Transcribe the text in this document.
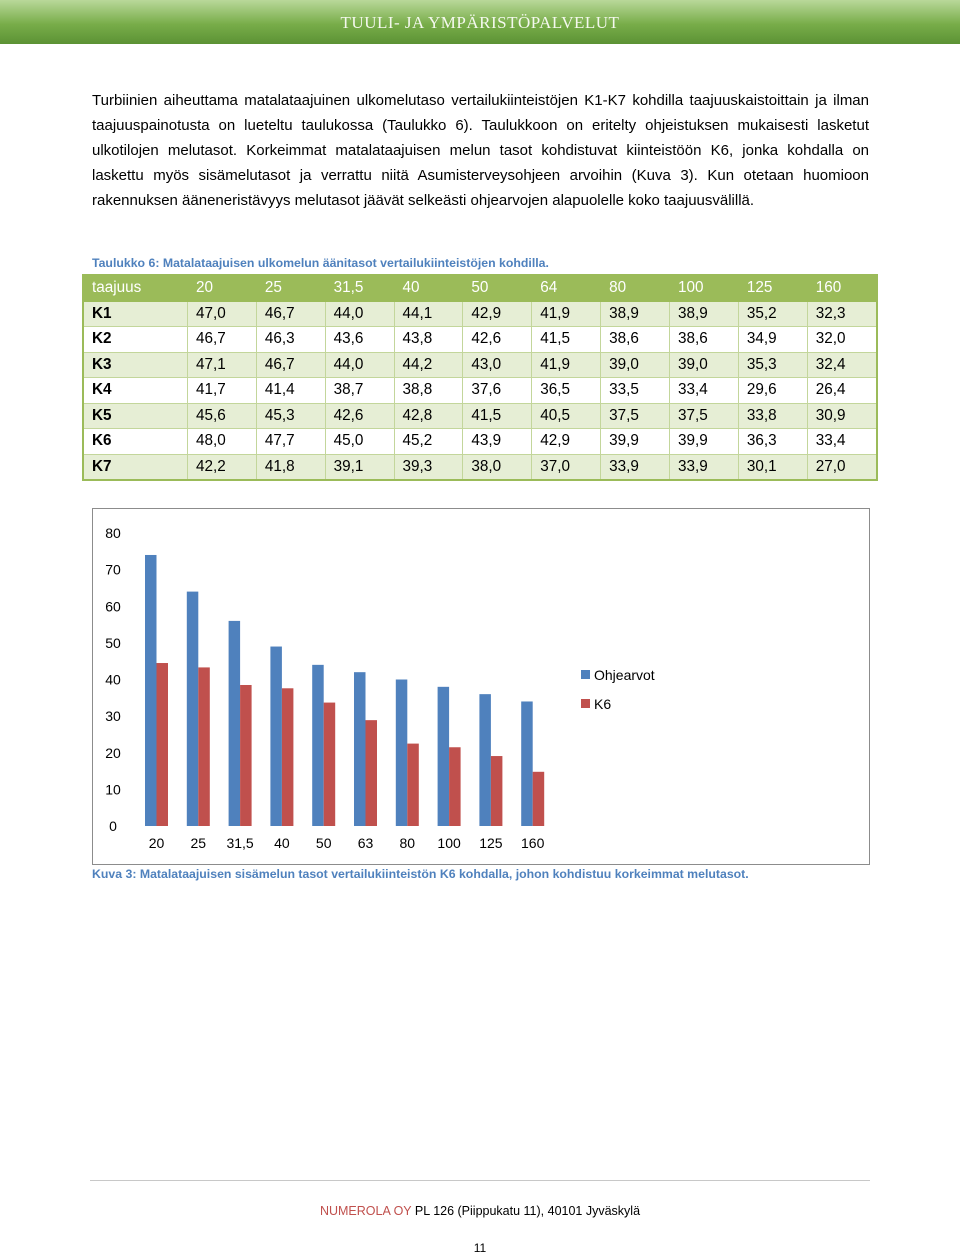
TUULI- JA YMPÄRISTÖPALVELUT
Turbiinien aiheuttama matalataajuinen ulkomelutaso vertailukiinteistöjen K1-K7 kohdilla taajuuskaistoittain ja ilman taajuuspainotusta on lueteltu taulukossa (Taulukko 6). Taulukkoon on eritelty ohjeistuksen mukaisesti lasketut ulkotilojen melutasot. Korkeimmat matalataajuisen melun tasot kohdistuvat kiinteistöön K6, jonka kohdalla on laskettu myös sisämelutasot ja verrattu niitä Asumisterveysohjeen arvoihin (Kuva 3). Kun otetaan huomioon rakennuksen ääneneristävyys melutasot jäävät selkeästi ohjearvojen alapuolelle koko taajuusvälillä.
Taulukko 6: Matalataajuisen ulkomelun äänitasot vertailukiinteistöjen kohdilla.
taajuus	20	25	31,5	40	50	64	80	100	125	160
K1	47,0	46,7	44,0	44,1	42,9	41,9	38,9	38,9	35,2	32,3
K2	46,7	46,3	43,6	43,8	42,6	41,5	38,6	38,6	34,9	32,0
K3	47,1	46,7	44,0	44,2	43,0	41,9	39,0	39,0	35,3	32,4
K4	41,7	41,4	38,7	38,8	37,6	36,5	33,5	33,4	29,6	26,4
K5	45,6	45,3	42,6	42,8	41,5	40,5	37,5	37,5	33,8	30,9
K6	48,0	47,7	45,0	45,2	43,9	42,9	39,9	39,9	36,3	33,4
K7	42,2	41,8	39,1	39,3	38,0	37,0	33,9	33,9	30,1	27,0
0
10
20
30
40
50
60
70
80
20 25 31,5 40 50 63 80 100 125 160
Ohjearvot
K6
Kuva 3: Matalataajuisen sisämelun tasot vertailukiinteistön K6 kohdalla, johon kohdistuu korkeimmat melutasot.
NUMEROLA OY PL 126 (Piippukatu 11), 40101 Jyväskylä
11
